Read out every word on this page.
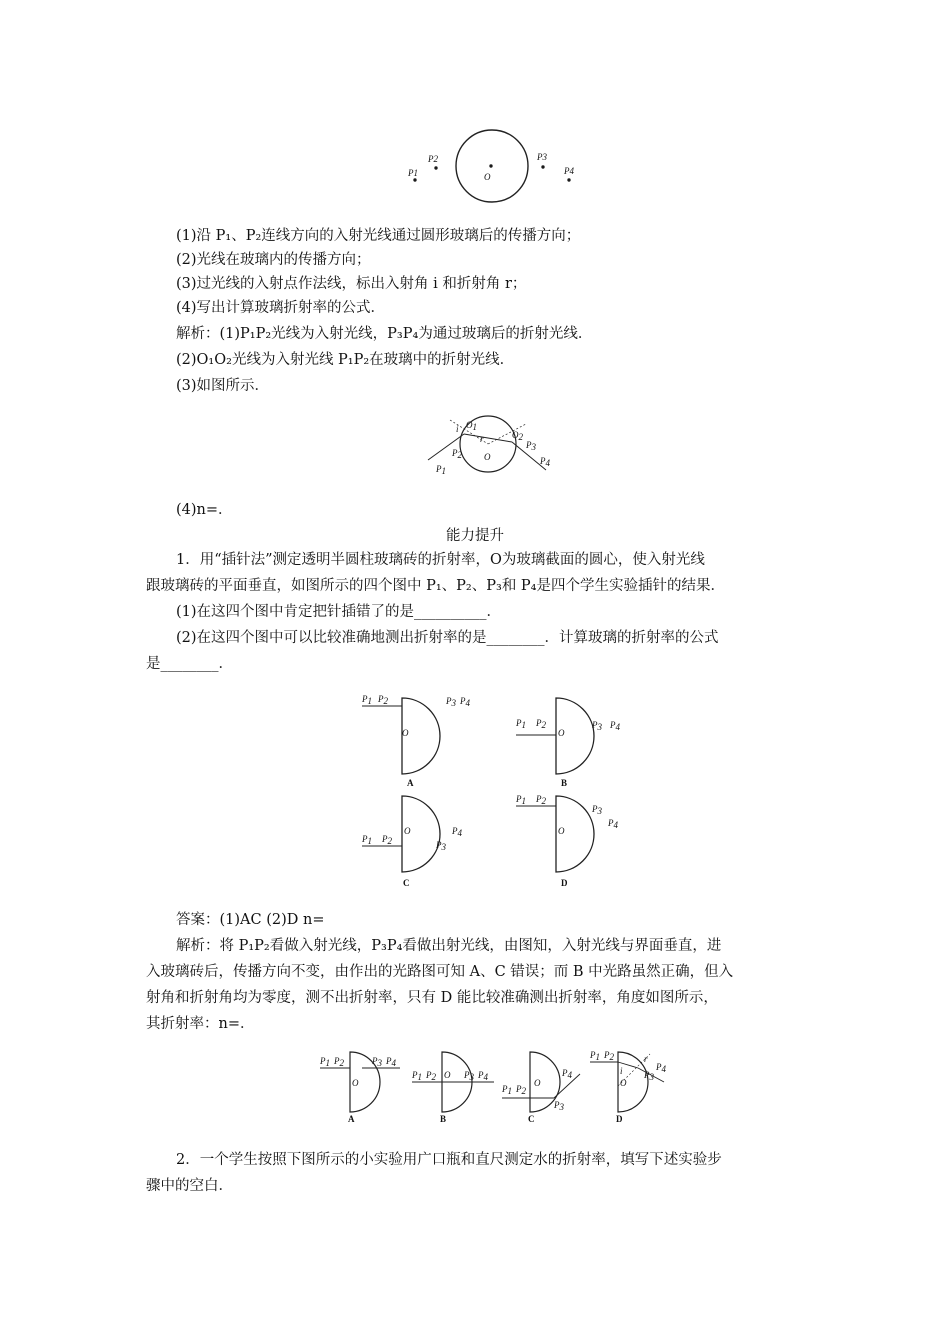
P1
P2
O
P3
P4
(1)沿 P₁、P₂连线方向的入射光线通过圆形玻璃后的传播方向；
(2)光线在玻璃内的传播方向；
(3)过光线的入射点作法线，标出入射角 i 和折射角 r；
(4)写出计算玻璃折射率的公式．
解析：(1)P₁P₂光线为入射光线，P₃P₄为通过玻璃后的折射光线．
(2)O₁O₂光线为入射光线 P₁P₂在玻璃中的折射光线．
(3)如图所示．
P1
P2
i O1
r
O
O2
P3
P4
(4)n=．
能力提升
1．用“插针法”测定透明半圆柱玻璃砖的折射率，O为玻璃截面的圆心，使入射光线
跟玻璃砖的平面垂直，如图所示的四个图中 P₁、P₂、P₃和 P₄是四个学生实验插针的结果．
(1)在这四个图中肯定把针插错了的是__________．
(2)在这四个图中可以比较准确地测出折射率的是________．计算玻璃的折射率的公式
是________．
P1 P2
O
P3 P4
A
P1 P2
O
P3 P4
B
P1 P2
O
P3
P4
C
P1 P2
O
P3
P4
D
答案：(1)AC (2)D n=
解析：将 P₁P₂看做入射光线，P₃P₄看做出射光线，由图知，入射光线与界面垂直，进
入玻璃砖后，传播方向不变，由作出的光路图可知 A、C 错误；而 B 中光路虽然正确，但入
射角和折射角均为零度，测不出折射率，只有 D 能比较准确测出折射率，角度如图所示，
其折射率：n=．
P1 P2	P3 P4
O
A
P1 P2 O P3 P4
B
P1 P2
O
P4
P3
C
P1 P2
i
r
O
P3
P4
D
2．一个学生按照下图所示的小实验用广口瓶和直尺测定水的折射率，填写下述实验步
骤中的空白．
